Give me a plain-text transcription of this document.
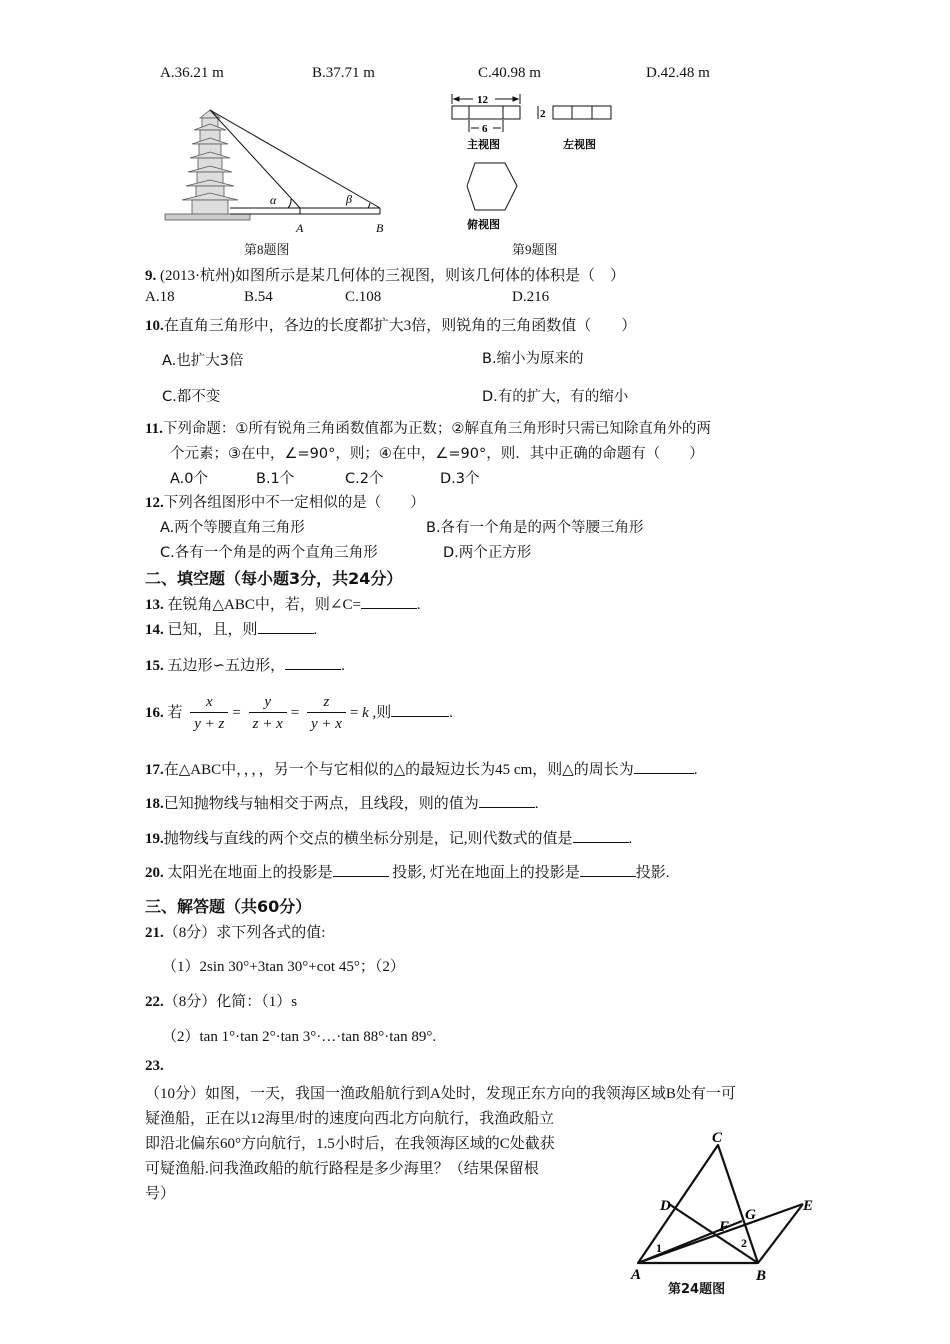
A.36.21 m	B.37.71 m	C.40.98 m	D.42.48 m
α	β
A	B
第8题图
12
6
2
主视图	左视图
俯视图
第9题图
9. (2013·杭州)如图所示是某几何体的三视图，则该几何体的体积是（　）
A.18	B.54	C.108	D.216
10.在直角三角形中，各边的长度都扩大3倍，则锐角的三角函数值（　　）
A.也扩大3倍	B.缩小为原来的
C.都不变	D.有的扩大，有的缩小
11.下列命题：①所有锐角三角函数值都为正数；②解直角三角形时只需已知除直角外的两
个元素；③在中，∠=90°，则；④在中，∠=90°，则．其中正确的命题有（　　）
A.0个	B.1个	C.2个	D.3个
12.下列各组图形中不一定相似的是（　　）
A.两个等腰直角三角形	B.各有一个角是的两个等腰三角形
C.各有一个角是的两个直角三角形	D.两个正方形
二、填空题（每小题3分，共24分）
13. 在锐角△ABC中，若，则∠C=	.
14. 已知，且，则	.
15. 五边形∽五边形，	.
16. 若 $\frac{x}{y + z} = \frac{y}{z + x} = \frac{z}{y + x} = k$ ,则	.
17.在△ABC中，，，，另一个与它相似的△的最短边长为45 cm，则△的周长为	.
18.已知抛物线与轴相交于两点，且线段，则的值为	.
19.抛物线与直线的两个交点的横坐标分别是，记,则代数式的值是	.
20. 太阳光在地面上的投影是	投影, 灯光在地面上的投影是	投影.
三、解答题（共60分）
21.（8分）求下列各式的值:
（1）2sin 30°+3tan 30°+cot 45°；（2）
22.（8分）化简：（1）s
（2）tan 1°·tan 2°·tan 3°·…·tan 88°·tan 89°.
23.
（10分）如图，一天，我国一渔政船航行到A处时，发现正东方向的我领海区域B处有一可
疑渔船，正在以12海里/时的速度向西北方向航行，我渔政船立
即沿北偏东60°方向航行，1.5小时后，在我领海区域的C处截获
可疑渔船.问我渔政船的航行路程是多少海里？（结果保留根
号）
C
D
G
E
F
A	B
1	2
第24题图
